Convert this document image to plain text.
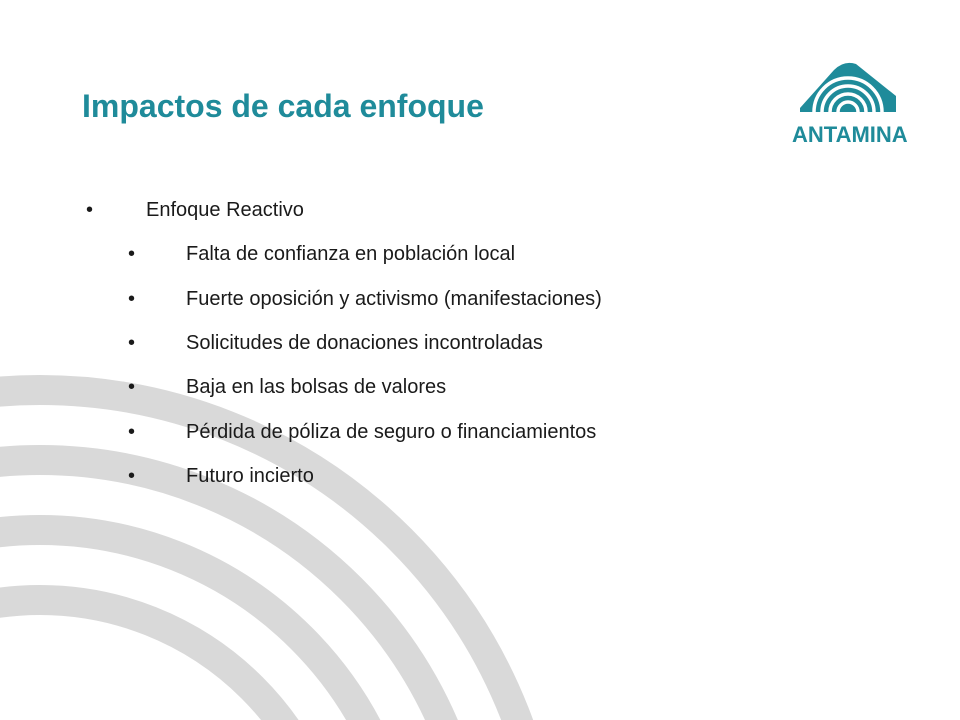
Impactos de cada enfoque
ANTAMINA
•	Enfoque Reactivo
•	Falta de confianza en población local
•	Fuerte oposición y activismo (manifestaciones)
•	Solicitudes de donaciones incontroladas
•	Baja en las bolsas de valores
•	Pérdida de póliza de seguro o financiamientos
•	Futuro incierto
